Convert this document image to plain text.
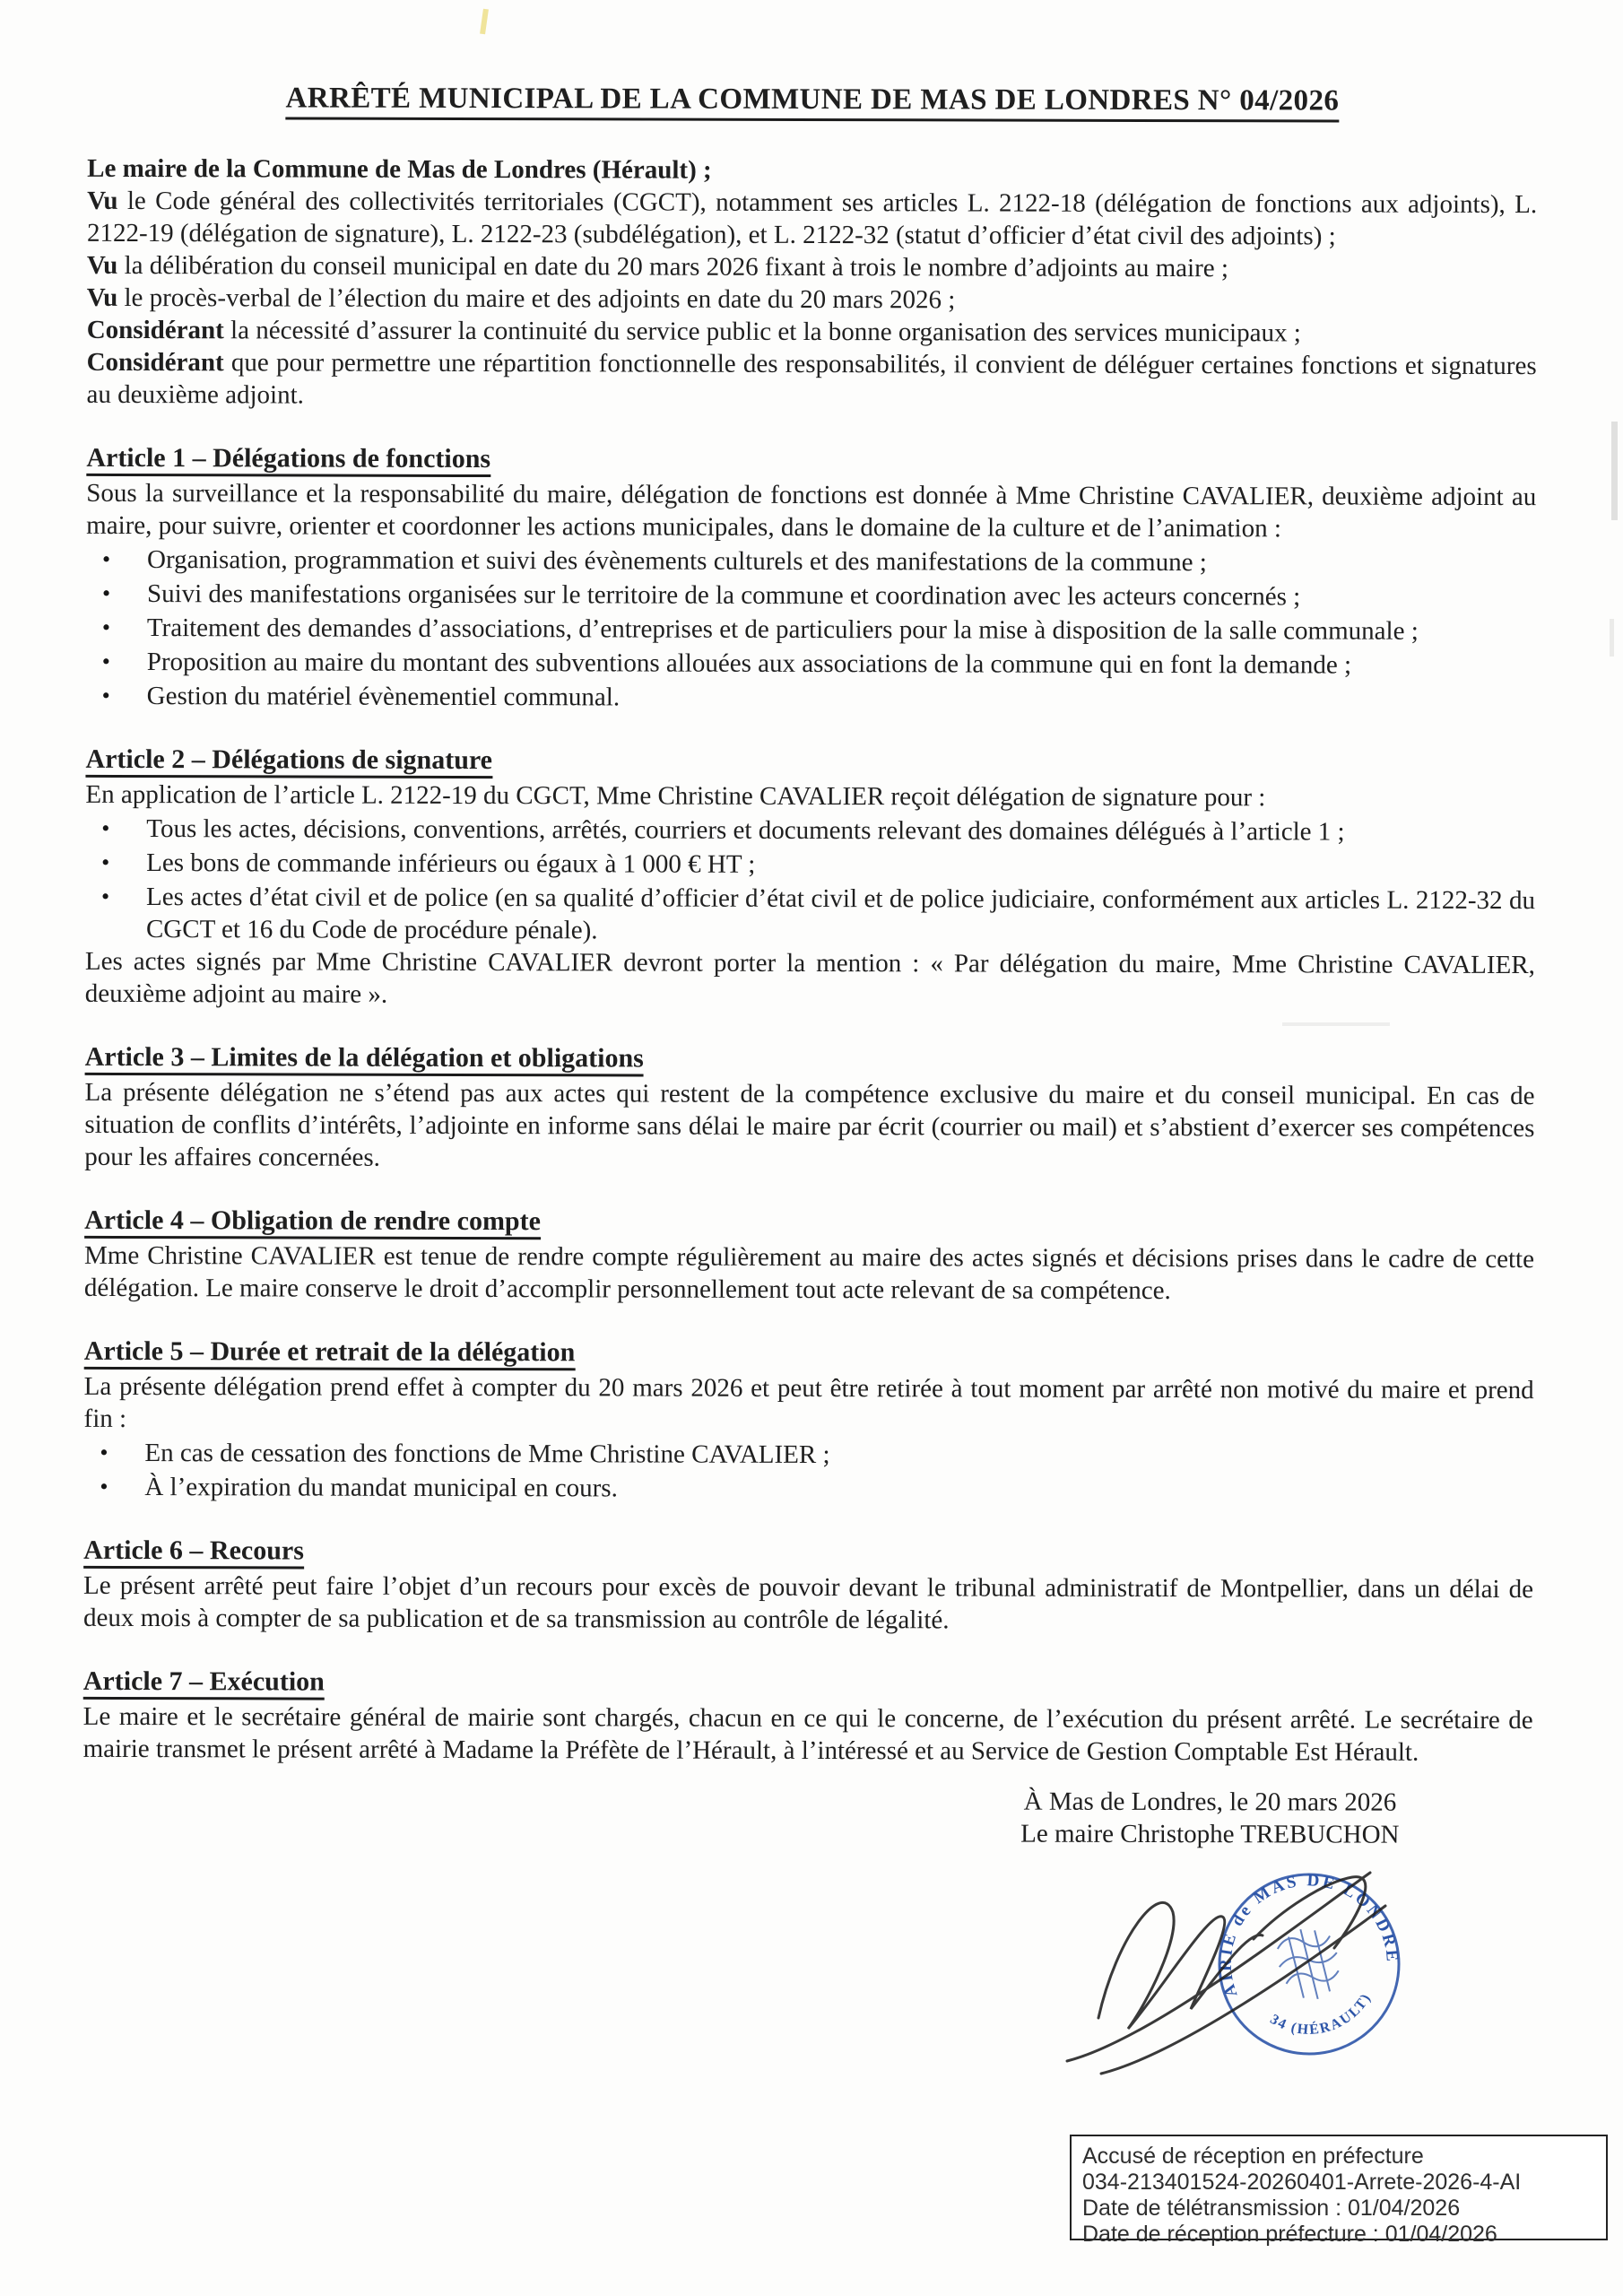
ARRÊTÉ MUNICIPAL DE LA COMMUNE DE MAS DE LONDRES N° 04/2026

Le maire de la Commune de Mas de Londres (Hérault) ;

Vu le Code général des collectivités territoriales (CGCT), notamment ses articles L. 2122-18 (délégation de fonctions aux adjoints), L. 2122-19 (délégation de signature), L. 2122-23 (subdélégation), et L. 2122-32 (statut d’officier d’état civil des adjoints) ;

Vu la délibération du conseil municipal en date du 20 mars 2026 fixant à trois le nombre d’adjoints au maire ;

Vu le procès-verbal de l’élection du maire et des adjoints en date du 20 mars 2026 ;

Considérant la nécessité d’assurer la continuité du service public et la bonne organisation des services municipaux ;

Considérant que pour permettre une répartition fonctionnelle des responsabilités, il convient de déléguer certaines fonctions et signatures au deuxième adjoint.

Article 1 – Délégations de fonctions

Sous la surveillance et la responsabilité du maire, délégation de fonctions est donnée à Mme Christine CAVALIER, deuxième adjoint au maire, pour suivre, orienter et coordonner les actions municipales, dans le domaine de la culture et de l’animation :

• Organisation, programmation et suivi des évènements culturels et des manifestations de la commune ;
• Suivi des manifestations organisées sur le territoire de la commune et coordination avec les acteurs concernés ;
• Traitement des demandes d’associations, d’entreprises et de particuliers pour la mise à disposition de la salle communale ;
• Proposition au maire du montant des subventions allouées aux associations de la commune qui en font la demande ;
• Gestion du matériel évènementiel communal.
Article 2 – Délégations de signature

En application de l’article L. 2122-19 du CGCT, Mme Christine CAVALIER reçoit délégation de signature pour :

• Tous les actes, décisions, conventions, arrêtés, courriers et documents relevant des domaines délégués à l’article 1 ;
• Les bons de commande inférieurs ou égaux à 1 000 € HT ;
• Les actes d’état civil et de police (en sa qualité d’officier d’état civil et de police judiciaire, conformément aux articles L. 2122-32 du CGCT et 16 du Code de procédure pénale).

Les actes signés par Mme Christine CAVALIER devront porter la mention : « Par délégation du maire, Mme Christine CAVALIER, deuxième adjoint au maire ».

Article 3 – Limites de la délégation et obligations

La présente délégation ne s’étend pas aux actes qui restent de la compétence exclusive du maire et du conseil municipal. En cas de situation de conflits d’intérêts, l’adjointe en informe sans délai le maire par écrit (courrier ou mail) et s’abstient d’exercer ses compétences pour les affaires concernées.

Article 4 – Obligation de rendre compte

Mme Christine CAVALIER est tenue de rendre compte régulièrement au maire des actes signés et décisions prises dans le cadre de cette délégation. Le maire conserve le droit d’accomplir personnellement tout acte relevant de sa compétence.

Article 5 – Durée et retrait de la délégation

La présente délégation prend effet à compter du 20 mars 2026 et peut être retirée à tout moment par arrêté non motivé du maire et prend fin :

• En cas de cessation des fonctions de Mme Christine CAVALIER ;
• À l’expiration du mandat municipal en cours.
Article 6 – Recours

Le présent arrêté peut faire l’objet d’un recours pour excès de pouvoir devant le tribunal administratif de Montpellier, dans un délai de deux mois à compter de sa publication et de sa transmission au contrôle de légalité.

Article 7 – Exécution

Le maire et le secrétaire général de mairie sont chargés, chacun en ce qui le concerne, de l’exécution du présent arrêté. Le secrétaire de mairie transmet le présent arrêté à Madame la Préfète de l’Hérault, à l’intéressé et au Service de Gestion Comptable Est Hérault.

À Mas de Londres, le 20 mars 2026

Le maire Christophe TREBUCHON

★ MAIRIE de MAS DE LONDRES ★
34 (HÉRAULT)
Accusé de réception en préfecture
034-213401524-20260401-Arrete-2026-4-AI
Date de télétransmission : 01/04/2026
Date de réception préfecture : 01/04/2026
